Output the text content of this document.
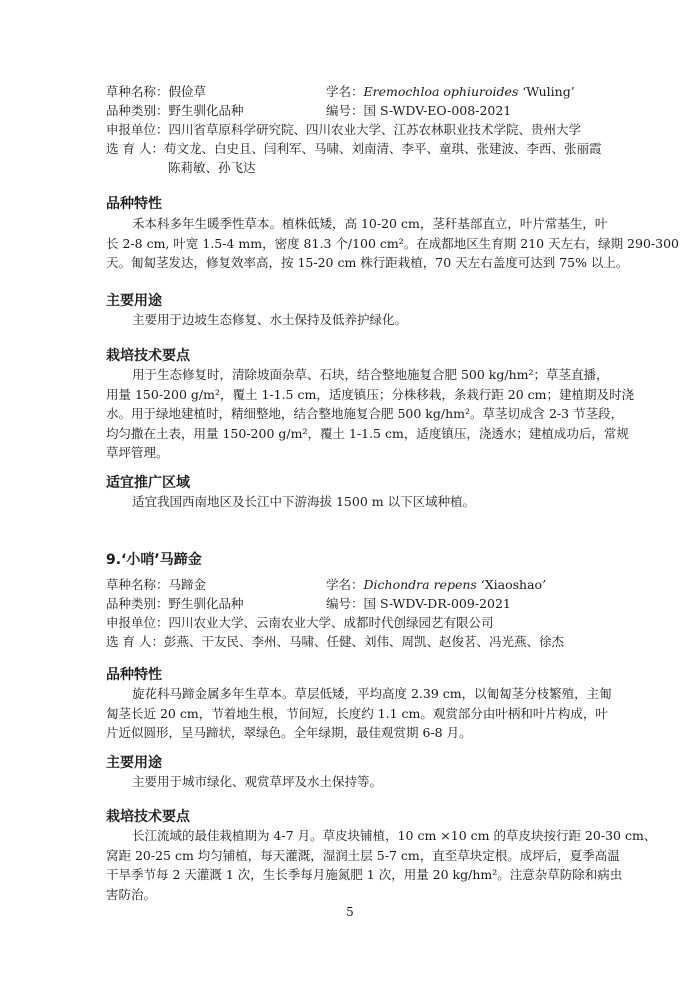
草种名称：假俭草	学名：Eremochloa ophiuroides ‘Wuling’
品种类别：野生驯化品种	编号：国 S-WDV-EO-008-2021
申报单位：四川省草原科学研究院、四川农业大学、江苏农林职业技术学院、贵州大学
选 育 人：苟文龙、白史且、闫利军、马啸、刘南清、李平、童琪、张建波、李西、张丽霞
陈莉敏、孙飞达
品种特性
禾本科多年生暖季性草本。植株低矮，高 10-20 cm，茎秆基部直立，叶片常基生，叶
长 2-8 cm, 叶宽 1.5-4 mm，密度 81.3 个/100 cm²。在成都地区生育期 210 天左右，绿期 290-300
天。匍匐茎发达，修复效率高，按 15-20 cm 株行距栽植，70 天左右盖度可达到 75% 以上。
主要用途
主要用于边坡生态修复、水土保持及低养护绿化。
栽培技术要点
用于生态修复时，清除坡面杂草、石块，结合整地施复合肥 500 kg/hm²；草茎直播，
用量 150-200 g/m²，覆土 1-1.5 cm，适度镇压；分株移栽，条栽行距 20 cm；建植期及时浇
水。用于绿地建植时，精细整地，结合整地施复合肥 500 kg/hm²。草茎切成含 2-3 节茎段，
均匀撒在土表，用量 150-200 g/m²，覆土 1-1.5 cm，适度镇压，浇透水；建植成功后，常规
草坪管理。
适宜推广区域
适宜我国西南地区及长江中下游海拔 1500 m 以下区域种植。
9.‘小哨’马蹄金
草种名称：马蹄金	学名：Dichondra repens ‘Xiaoshao’
品种类别：野生驯化品种	编号：国 S-WDV-DR-009-2021
申报单位：四川农业大学、云南农业大学、成都时代创绿园艺有限公司
选 育 人：彭燕、干友民、李州、马啸、任健、刘伟、周凯、赵俊茗、冯光燕、徐杰
品种特性
旋花科马蹄金属多年生草本。草层低矮，平均高度 2.39 cm，以匍匐茎分枝繁殖，主匍
匐茎长近 20 cm，节着地生根，节间短，长度约 1.1 cm。观赏部分由叶柄和叶片构成，叶
片近似圆形，呈马蹄状，翠绿色。全年绿期，最佳观赏期 6-8 月。
主要用途
主要用于城市绿化、观赏草坪及水土保持等。
栽培技术要点
长江流域的最佳栽植期为 4-7 月。草皮块铺植，10 cm ×10 cm 的草皮块按行距 20-30 cm、
窝距 20-25 cm 均匀铺植，每天灌溉，湿润土层 5-7 cm，直至草块定根。成坪后，夏季高温
干旱季节每 2 天灌溉 1 次，生长季每月施氮肥 1 次，用量 20 kg/hm²。注意杂草防除和病虫
害防治。
5
